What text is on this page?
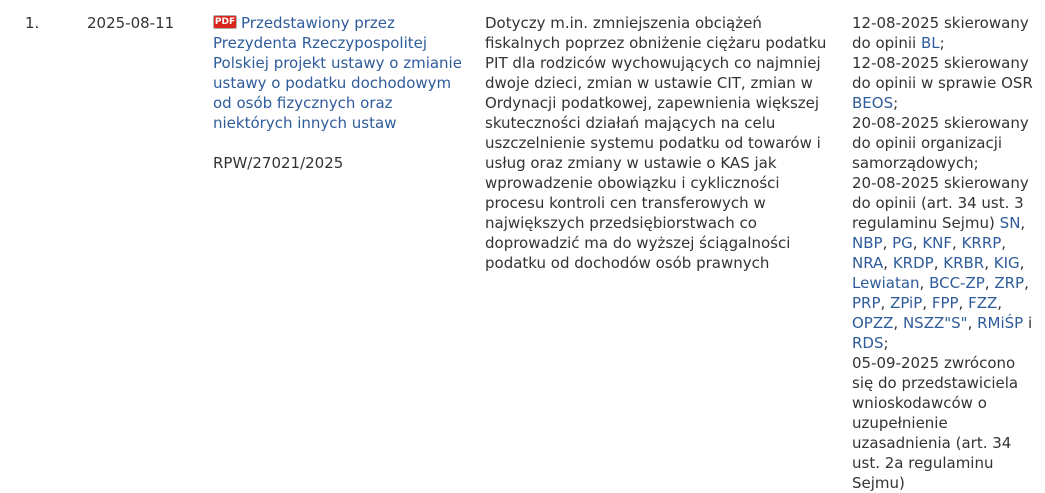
1.	2025-08-11	PDF Przedstawiony przez Prezydenta Rzeczypospolitej Polskiej projekt ustawy o zmianie ustawy o podatku dochodowym od osób fizycznych oraz niektórych innych ustaw
RPW/27021/2025
Dotyczy m.in. zmniejszenia obciążeń fiskalnych poprzez obniżenie ciężaru podatku PIT dla rodziców wychowujących co najmniej dwoje dzieci, zmian w ustawie CIT, zmian w Ordynacji podatkowej, zapewnienia większej skuteczności działań mających na celu uszczelnienie systemu podatku od towarów i usług oraz zmiany w ustawie o KAS jak wprowadzenie obowiązku i cykliczności procesu kontroli cen transferowych w największych przedsiębiorstwach co doprowadzić ma do wyższej ściągalności podatku od dochodów osób prawnych
12-08-2025 skierowany do opinii BL;
12-08-2025 skierowany do opinii w sprawie OSR BEOS;
20-08-2025 skierowany do opinii organizacji samorządowych;
20-08-2025 skierowany do opinii (art. 34 ust. 3 regulaminu Sejmu) SN, NBP, PG, KNF, KRRP, NRA, KRDP, KRBR, KIG, Lewiatan, BCC-ZP, ZRP, PRP, ZPiP, FPP, FZZ, OPZZ, NSZZ"S", RMiŚP i RDS;
05-09-2025 zwrócono się do przedstawiciela wnioskodawców o uzupełnienie uzasadnienia (art. 34 ust. 2a regulaminu Sejmu)
